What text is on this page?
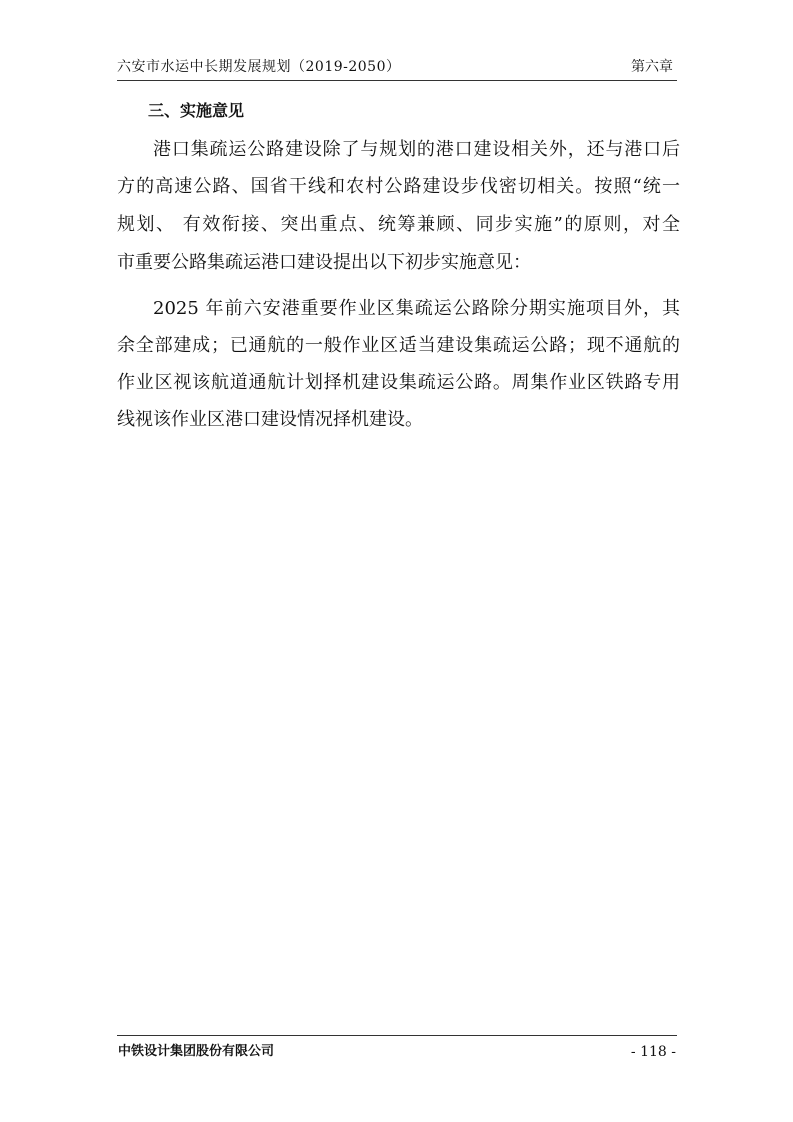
六安市水运中长期发展规划（2019-2050）	第六章
三、实施意见
港口集疏运公路建设除了与规划的港口建设相关外，还与港口后
方的高速公路、国省干线和农村公路建设步伐密切相关。按照“统一
规划、 有效衔接、突出重点、统筹兼顾、同步实施”的原则，对全
市重要公路集疏运港口建设提出以下初步实施意见：
2025 年前六安港重要作业区集疏运公路除分期实施项目外，其
余全部建成；已通航的一般作业区适当建设集疏运公路；现不通航的
作业区视该航道通航计划择机建设集疏运公路。周集作业区铁路专用
线视该作业区港口建设情况择机建设。
中铁设计集团股份有限公司	- 118 -
